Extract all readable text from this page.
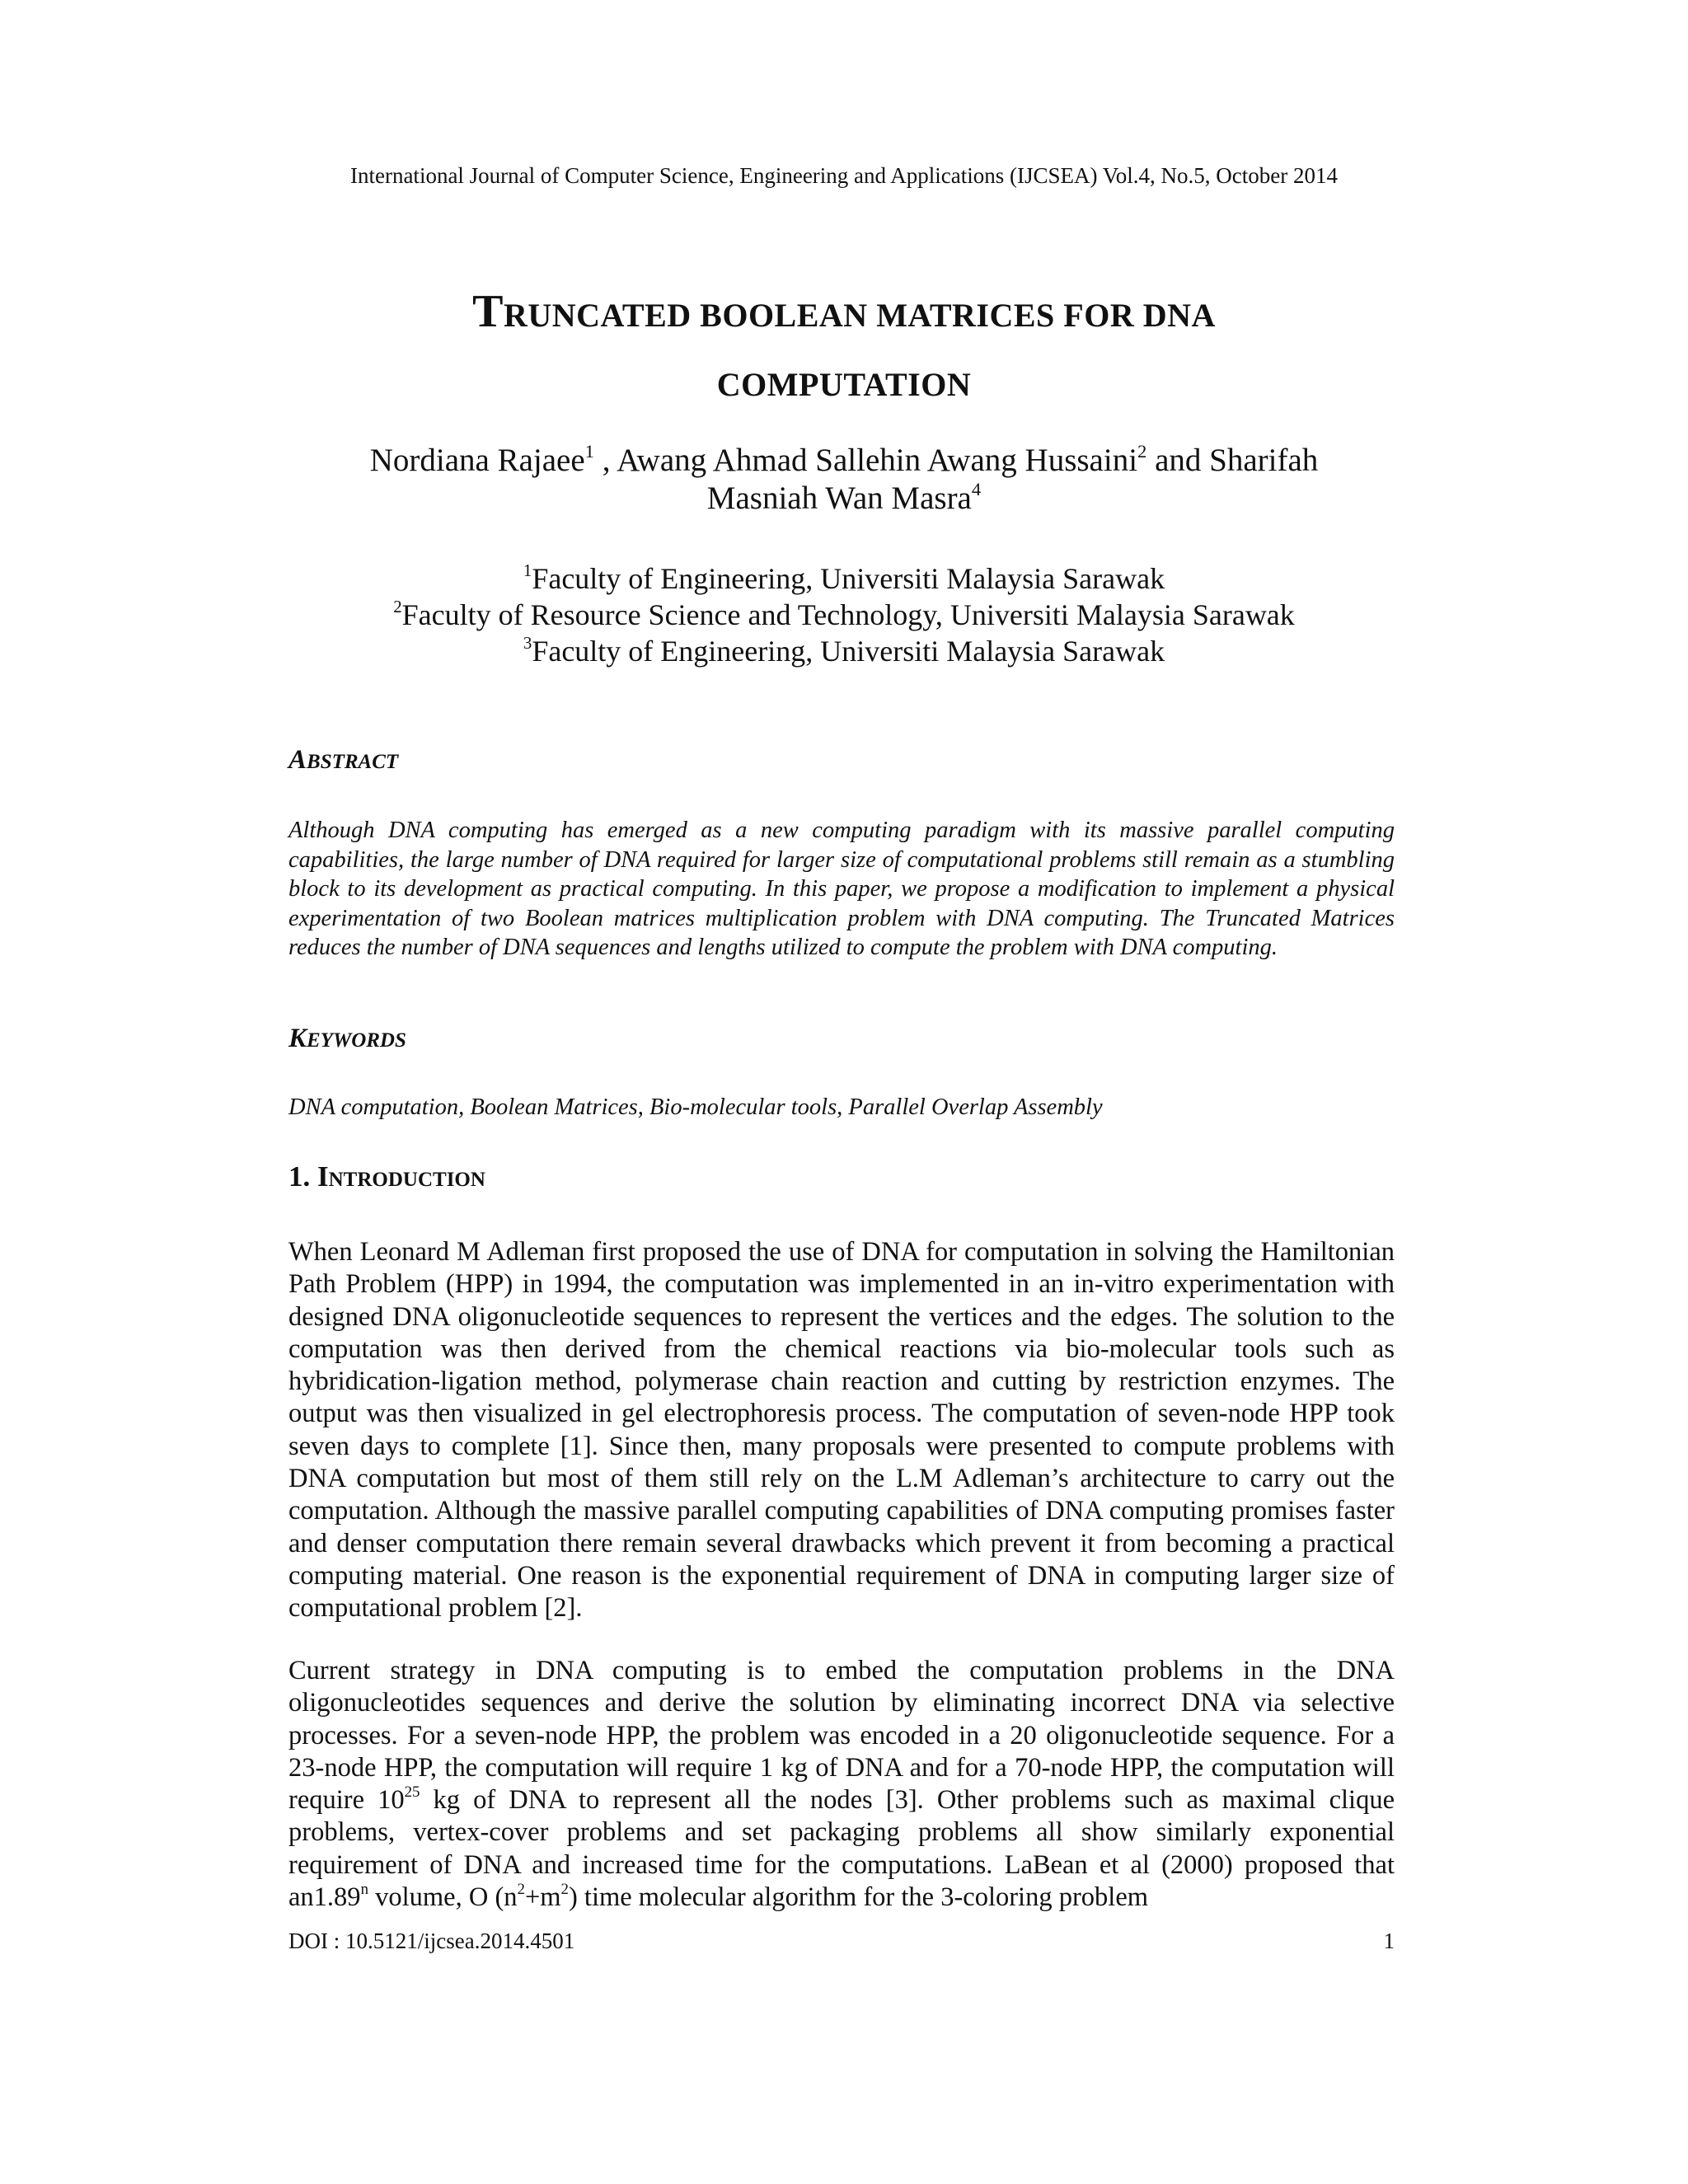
International Journal of Computer Science, Engineering and Applications (IJCSEA) Vol.4, No.5, October 2014
TRUNCATED BOOLEAN MATRICES FOR DNA
COMPUTATION
Nordiana Rajaee$^1$ , Awang Ahmad Sallehin Awang Hussaini$^2$ and Sharifah
Masniah Wan Masra$^4$
$^1$Faculty of Engineering, Universiti Malaysia Sarawak
$^2$Faculty of Resource Science and Technology, Universiti Malaysia Sarawak
$^3$Faculty of Engineering, Universiti Malaysia Sarawak
ABSTRACT
Although DNA computing has emerged as a new computing paradigm with its massive parallel computing capabilities, the large number of DNA required for larger size of computational problems still remain as a stumbling block to its development as practical computing. In this paper, we propose a modification to implement a physical experimentation of two Boolean matrices multiplication problem with DNA computing. The Truncated Matrices reduces the number of DNA sequences and lengths utilized to compute the problem with DNA computing.
KEYWORDS
DNA computation, Boolean Matrices, Bio-molecular tools, Parallel Overlap Assembly
1. INTRODUCTION
When Leonard M Adleman first proposed the use of DNA for computation in solving the Hamiltonian Path Problem (HPP) in 1994, the computation was implemented in an in-vitro experimentation with designed DNA oligonucleotide sequences to represent the vertices and the edges. The solution to the computation was then derived from the chemical reactions via bio-molecular tools such as hybridication-ligation method, polymerase chain reaction and cutting by restriction enzymes. The output was then visualized in gel electrophoresis process. The computation of seven-node HPP took seven days to complete [1]. Since then, many proposals were presented to compute problems with DNA computation but most of them still rely on the L.M Adleman’s architecture to carry out the computation. Although the massive parallel computing capabilities of DNA computing promises faster and denser computation there remain several drawbacks which prevent it from becoming a practical computing material. One reason is the exponential requirement of DNA in computing larger size of computational problem [2].
Current strategy in DNA computing is to embed the computation problems in the DNA oligonucleotides sequences and derive the solution by eliminating incorrect DNA via selective processes. For a seven-node HPP, the problem was encoded in a 20 oligonucleotide sequence. For a 23-node HPP, the computation will require 1 kg of DNA and for a 70-node HPP, the computation will require $10^{25}$ kg of DNA to represent all the nodes [3]. Other problems such as maximal clique problems, vertex-cover problems and set packaging problems all show similarly exponential requirement of DNA and increased time for the computations. LaBean et al (2000) proposed that an1.89$^n$ volume, O $(n^2+m^2)$ time molecular algorithm for the 3-coloring problem
DOI : 10.5121/ijcsea.2014.4501	1
